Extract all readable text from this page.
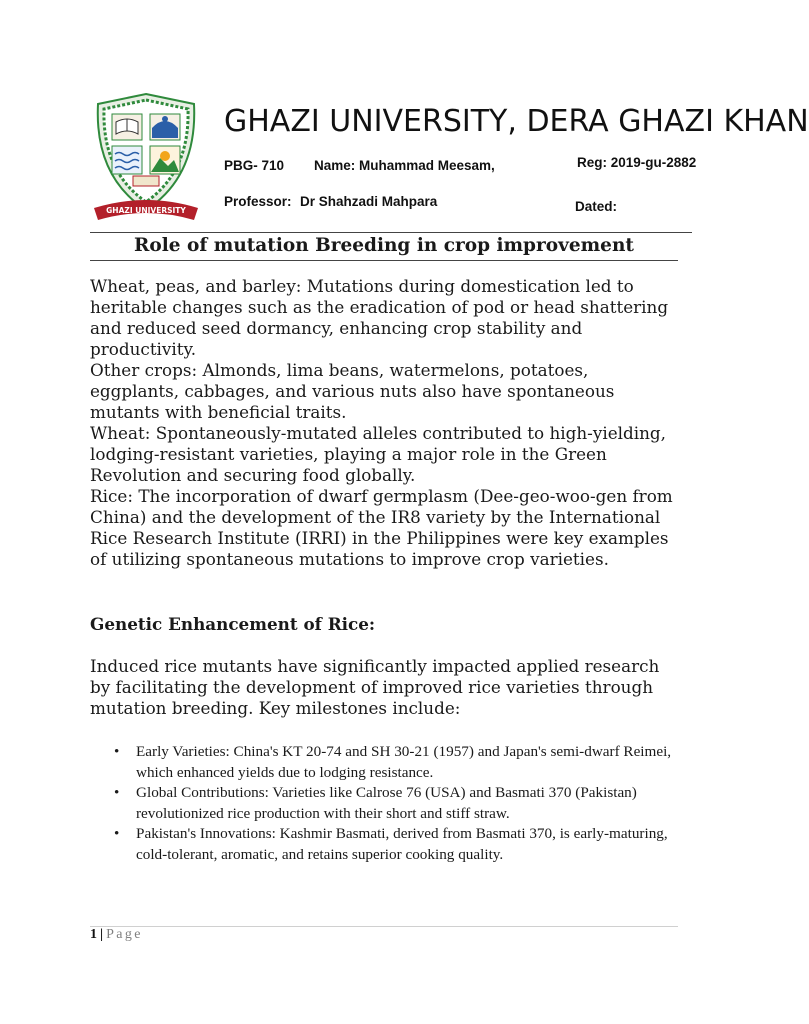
GHAZI UNIVERSITY
GHAZI UNIVERSITY, DERA GHAZI KHAN
PBG- 710 Name: Muhammad Meesam,	Reg: 2019-gu-2882
Professor: Dr Shahzadi Mahpara	Dated:
Role of mutation Breeding in crop improvement

Wheat, peas, and barley: Mutations during domestication led to heritable changes such as the eradication of pod or head shattering and reduced seed dormancy, enhancing crop stability and productivity.

Other crops: Almonds, lima beans, watermelons, potatoes, eggplants, cabbages, and various nuts also have spontaneous mutants with beneficial traits.

Wheat: Spontaneously-mutated alleles contributed to high-yielding, lodging-resistant varieties, playing a major role in the Green Revolution and securing food globally.

Rice: The incorporation of dwarf germplasm (Dee-geo-woo-gen from China) and the development of the IR8 variety by the International Rice Research Institute (IRRI) in the Philippines were key examples of utilizing spontaneous mutations to improve crop varieties.

Genetic Enhancement of Rice:

Induced rice mutants have significantly impacted applied research by facilitating the development of improved rice varieties through mutation breeding. Key milestones include:

• Early Varieties: China's KT 20-74 and SH 30-21 (1957) and Japan's semi-dwarf Reimei, which enhanced yields due to lodging resistance.
• Global Contributions: Varieties like Calrose 76 (USA) and Basmati 370 (Pakistan) revolutionized rice production with their short and stiff straw.
• Pakistan's Innovations: Kashmir Basmati, derived from Basmati 370, is early-maturing, cold-tolerant, aromatic, and retains superior cooking quality.
1 | Page
